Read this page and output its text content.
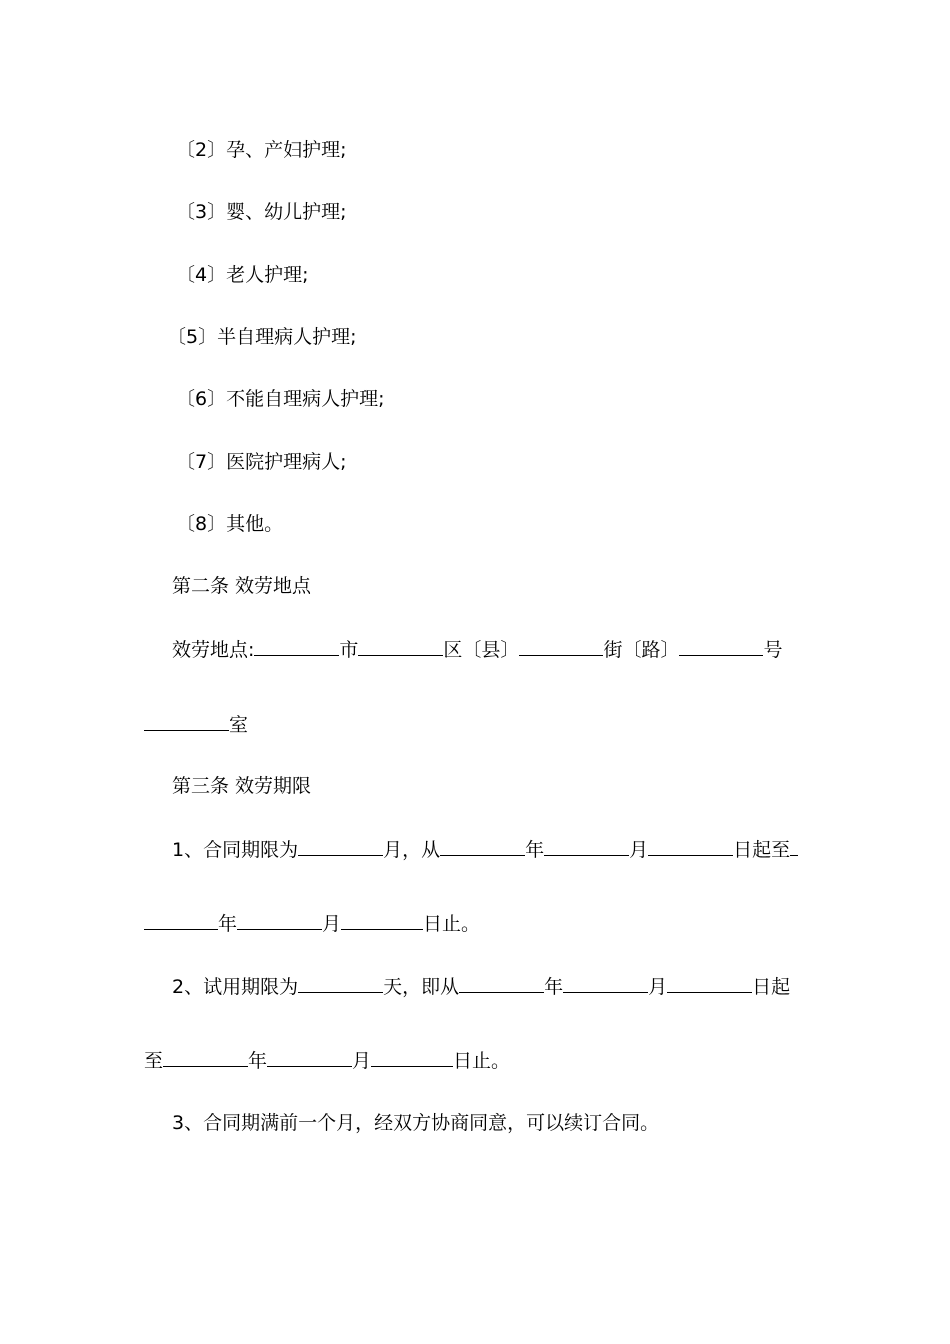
〔2〕孕、产妇护理;
〔3〕婴、幼儿护理;
〔4〕老人护理;
〔5〕半自理病人护理;
〔6〕不能自理病人护理;
〔7〕医院护理病人;
〔8〕其他。
第二条 效劳地点
效劳地点:	市	区〔县〕	街〔路〕	号
室
第三条 效劳期限
1、合同期限为	月，从	年	月	日起至
年	月	日止。
2、试用期限为	天，即从	年	月	日起
至	年	月	日止。
3、合同期满前一个月，经双方协商同意，可以续订合同。
